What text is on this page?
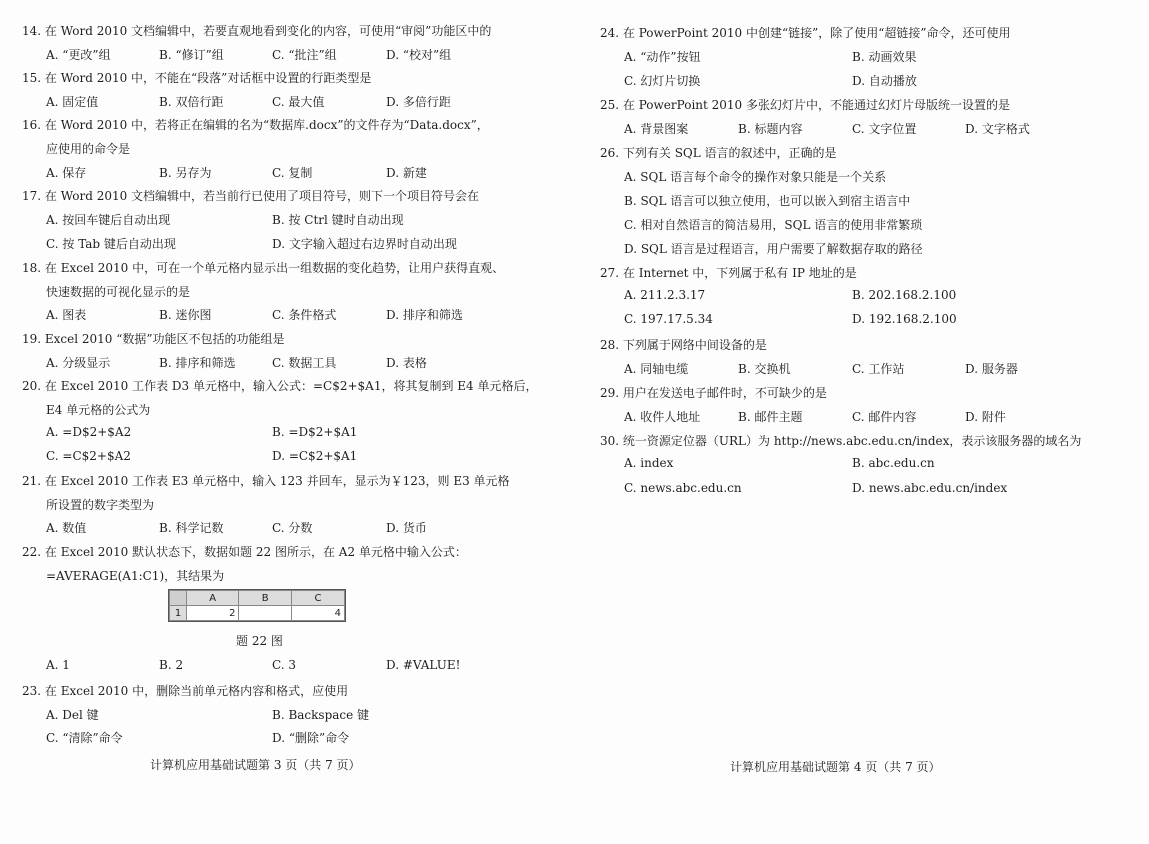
14. 在 Word 2010 文档编辑中，若要直观地看到变化的内容，可使用“审阅”功能区中的
A. “更改”组	B. “修订”组	C. “批注”组	D. “校对”组
15. 在 Word 2010 中，不能在“段落”对话框中设置的行距类型是
A. 固定值	B. 双倍行距	C. 最大值	D. 多倍行距
16. 在 Word 2010 中，若将正在编辑的名为“数据库.docx”的文件存为“Data.docx”，
应使用的命令是
A. 保存	B. 另存为	C. 复制	D. 新建
17. 在 Word 2010 文档编辑中，若当前行已使用了项目符号，则下一个项目符号会在
A. 按回车键后自动出现	B. 按 Ctrl 键时自动出现
C. 按 Tab 键后自动出现	D. 文字输入超过右边界时自动出现
18. 在 Excel 2010 中，可在一个单元格内显示出一组数据的变化趋势，让用户获得直观、
快速数据的可视化显示的是
A. 图表	B. 迷你图	C. 条件格式	D. 排序和筛选
19. Excel 2010 “数据”功能区不包括的功能组是
A. 分级显示	B. 排序和筛选	C. 数据工具	D. 表格
20. 在 Excel 2010 工作表 D3 单元格中，输入公式：=C$2+$A1，将其复制到 E4 单元格后，
E4 单元格的公式为
A. =D$2+$A2	B. =D$2+$A1
C. =C$2+$A2	D. =C$2+$A1
21. 在 Excel 2010 工作表 E3 单元格中，输入 123 并回车，显示为￥123，则 E3 单元格
所设置的数字类型为
A. 数值	B. 科学记数	C. 分数	D. 货币
22. 在 Excel 2010 默认状态下，数据如题 22 图所示，在 A2 单元格中输入公式：
=AVERAGE(A1:C1)，其结果为
A. 1	B. 2	C. 3	D. #VALUE!
23. 在 Excel 2010 中，删除当前单元格内容和格式，应使用
A. Del 键	B. Backspace 键
C. “清除”命令	D. “删除”命令
计算机应用基础试题第 3 页（共 7 页）
24. 在 PowerPoint 2010 中创建“链接”，除了使用“超链接”命令，还可使用
A. “动作”按钮	B. 动画效果
C. 幻灯片切换	D. 自动播放
25. 在 PowerPoint 2010 多张幻灯片中，不能通过幻灯片母版统一设置的是
A. 背景图案	B. 标题内容	C. 文字位置	D. 文字格式
26. 下列有关 SQL 语言的叙述中，正确的是
A. SQL 语言每个命令的操作对象只能是一个关系
B. SQL 语言可以独立使用，也可以嵌入到宿主语言中
C. 相对自然语言的简洁易用，SQL 语言的使用非常繁琐
D. SQL 语言是过程语言，用户需要了解数据存取的路径
27. 在 Internet 中，下列属于私有 IP 地址的是
A. 211.2.3.17	B. 202.168.2.100
C. 197.17.5.34	D. 192.168.2.100
28. 下列属于网络中间设备的是
A. 同轴电缆	B. 交换机	C. 工作站	D. 服务器
29. 用户在发送电子邮件时，不可缺少的是
A. 收件人地址	B. 邮件主题	C. 邮件内容	D. 附件
30. 统一资源定位器（URL）为 http://news.abc.edu.cn/index，表示该服务器的域名为
A. index	B. abc.edu.cn
C. news.abc.edu.cn	D. news.abc.edu.cn/index
计算机应用基础试题第 4 页（共 7 页）
	A	B	C
1	2		4
题 22 图
